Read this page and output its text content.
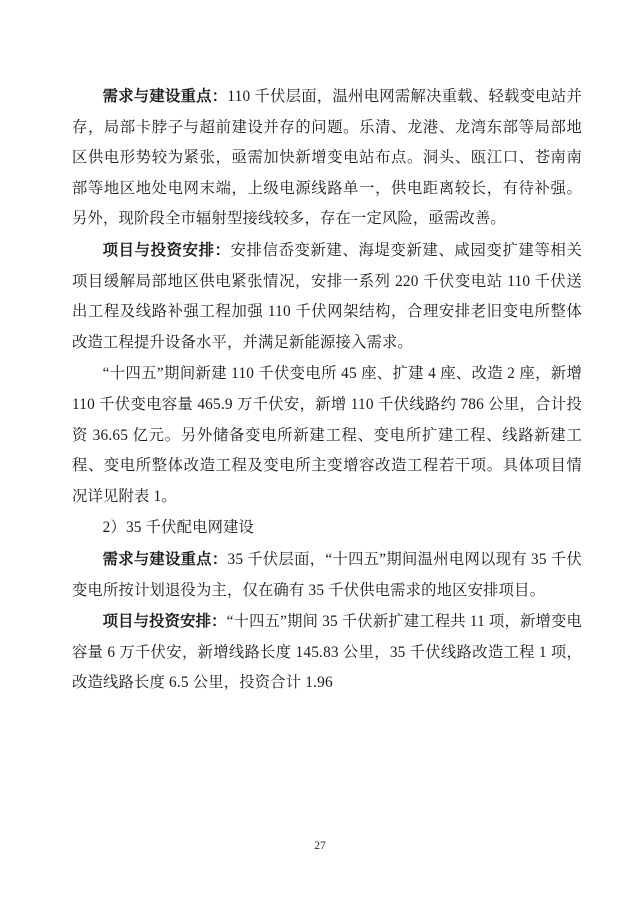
需求与建设重点：110 千伏层面，温州电网需解决重载、轻载变电站并存，局部卡脖子与超前建设并存的问题。乐清、龙港、龙湾东部等局部地区供电形势较为紧张，亟需加快新增变电站布点。洞头、瓯江口、苍南南部等地区地处电网末端，上级电源线路单一，供电距离较长，有待补强。另外，现阶段全市辐射型接线较多，存在一定风险，亟需改善。

项目与投资安排：安排信岙变新建、海堤变新建、咸园变扩建等相关项目缓解局部地区供电紧张情况，安排一系列 220 千伏变电站 110 千伏送出工程及线路补强工程加强 110 千伏网架结构，合理安排老旧变电所整体改造工程提升设备水平，并满足新能源接入需求。

“十四五”期间新建 110 千伏变电所 45 座、扩建 4 座、改造 2 座，新增 110 千伏变电容量 465.9 万千伏安，新增 110 千伏线路约 786 公里，合计投资 36.65 亿元。另外储备变电所新建工程、变电所扩建工程、线路新建工程、变电所整体改造工程及变电所主变增容改造工程若干项。具体项目情况详见附表 1。

2）35 千伏配电网建设

需求与建设重点：35 千伏层面，“十四五”期间温州电网以现有 35 千伏变电所按计划退役为主，仅在确有 35 千伏供电需求的地区安排项目。

项目与投资安排：“十四五”期间 35 千伏新扩建工程共 11 项，新增变电容量 6 万千伏安，新增线路长度 145.83 公里，35 千伏线路改造工程 1 项，改造线路长度 6.5 公里，投资合计 1.96

27
